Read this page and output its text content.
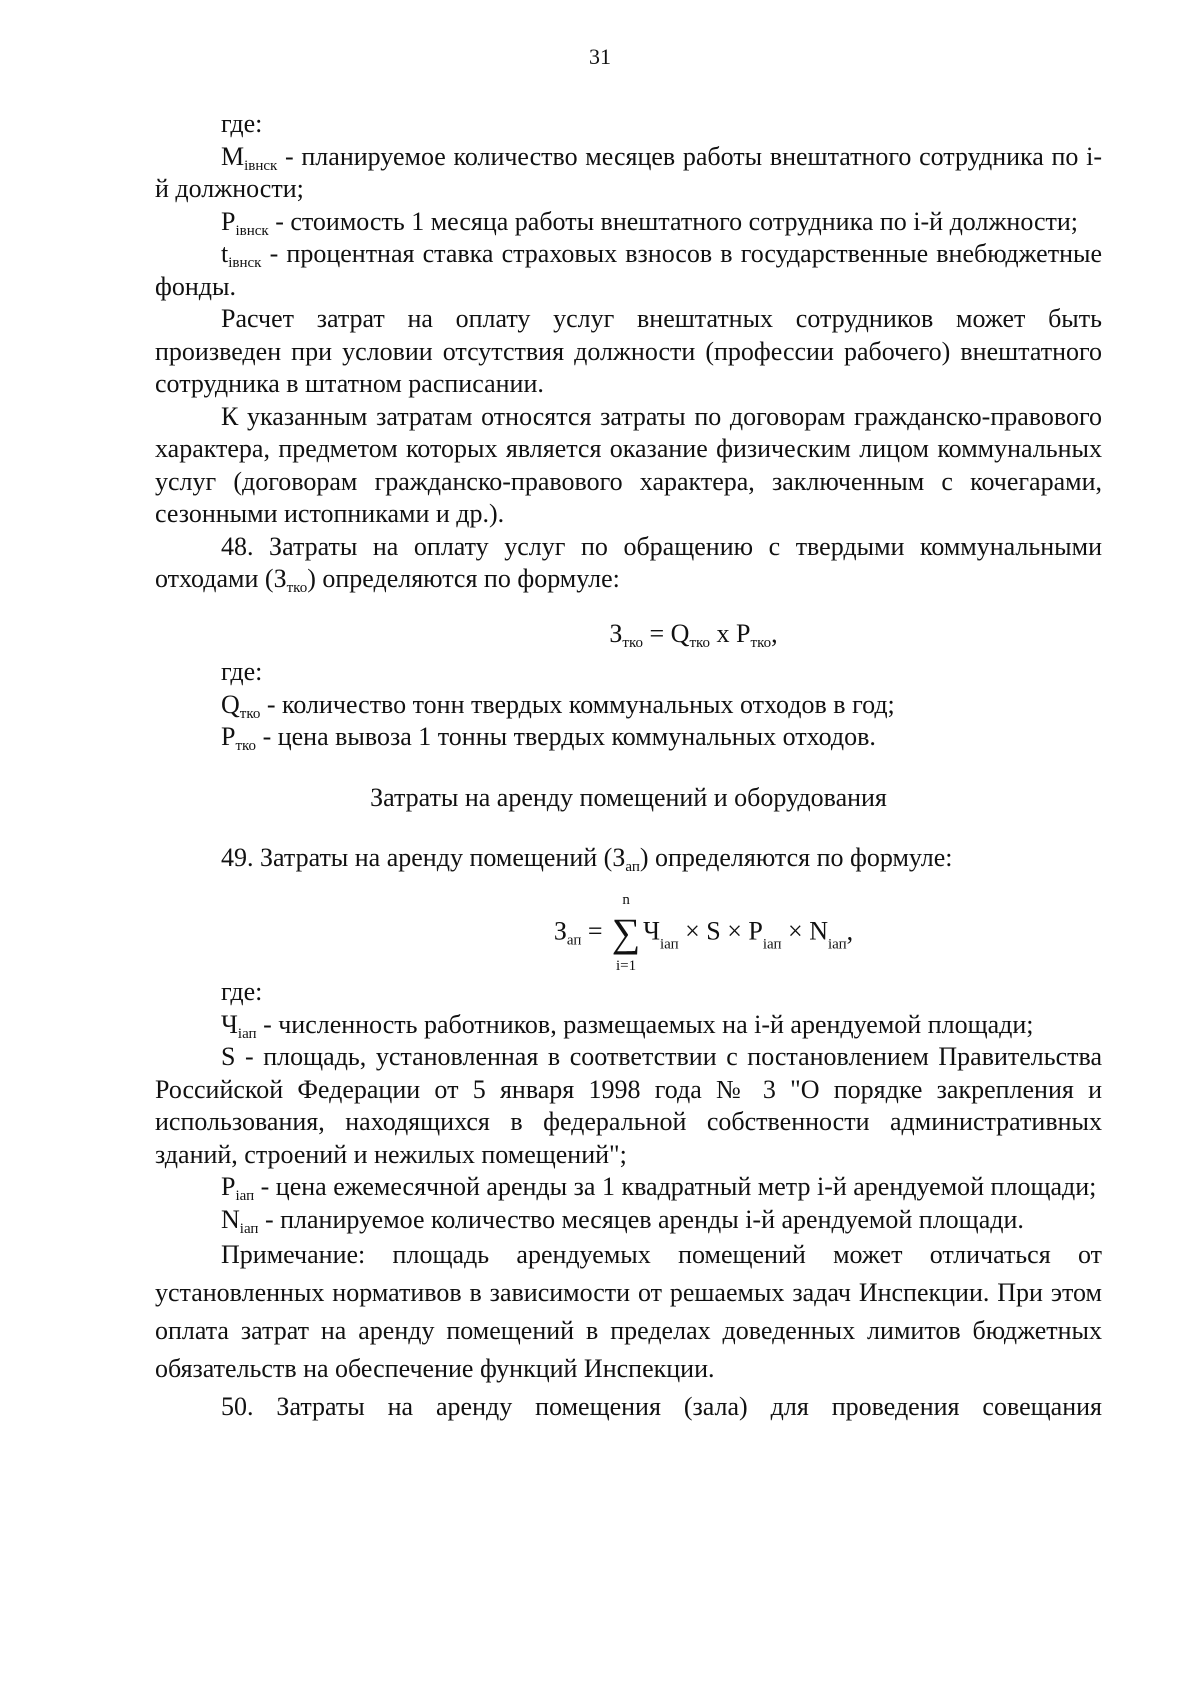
31

где:

$M_{iвнск}$ - планируемое количество месяцев работы внештатного сотрудника по i-й должности;

$P_{iвнск}$ - стоимость 1 месяца работы внештатного сотрудника по i-й должности;

$t_{iвнск}$ - процентная ставка страховых взносов в государственные внебюджетные фонды.

Расчет затрат на оплату услуг внештатных сотрудников может быть произведен при условии отсутствия должности (профессии рабочего) внештатного сотрудника в штатном расписании.

К указанным затратам относятся затраты по договорам гражданско-правового характера, предметом которых является оказание физическим лицом коммунальных услуг (договорам гражданско-правового характера, заключенным с кочегарами, сезонными истопниками и др.).

48. Затраты на оплату услуг по обращению с твердыми коммунальными отходами $(З_{тко})$ определяются по формуле:

$З_{тко} = Q_{тко}$ x $P_{тко}$,

где:

$Q_{тко}$ - количество тонн твердых коммунальных отходов в год;

$P_{тко}$ - цена вывоза 1 тонны твердых коммунальных отходов.

Затраты на аренду помещений и оборудования

49. Затраты на аренду помещений $(З_{ап})$ определяются по формуле:

$З_{ап}$ =
n
∑
i=1
$Ч_{iап} \times S \times P_{iап} \times N_{iап}$,

где:

$Ч_{iап}$ - численность работников, размещаемых на i-й арендуемой площади;

S - площадь, установленная в соответствии с постановлением Правительства Российской Федерации от 5 января 1998 года № 3 "О порядке закрепления и использования, находящихся в федеральной собственности административных зданий, строений и нежилых помещений";

$P_{iап}$ - цена ежемесячной аренды за 1 квадратный метр i-й арендуемой площади;

$N_{iап}$ - планируемое количество месяцев аренды i-й арендуемой площади.

Примечание: площадь арендуемых помещений может отличаться от установленных нормативов в зависимости от решаемых задач Инспекции. При этом оплата затрат на аренду помещений в пределах доведенных лимитов бюджетных обязательств на обеспечение функций Инспекции.

50. Затраты на аренду помещения (зала) для проведения совещания
